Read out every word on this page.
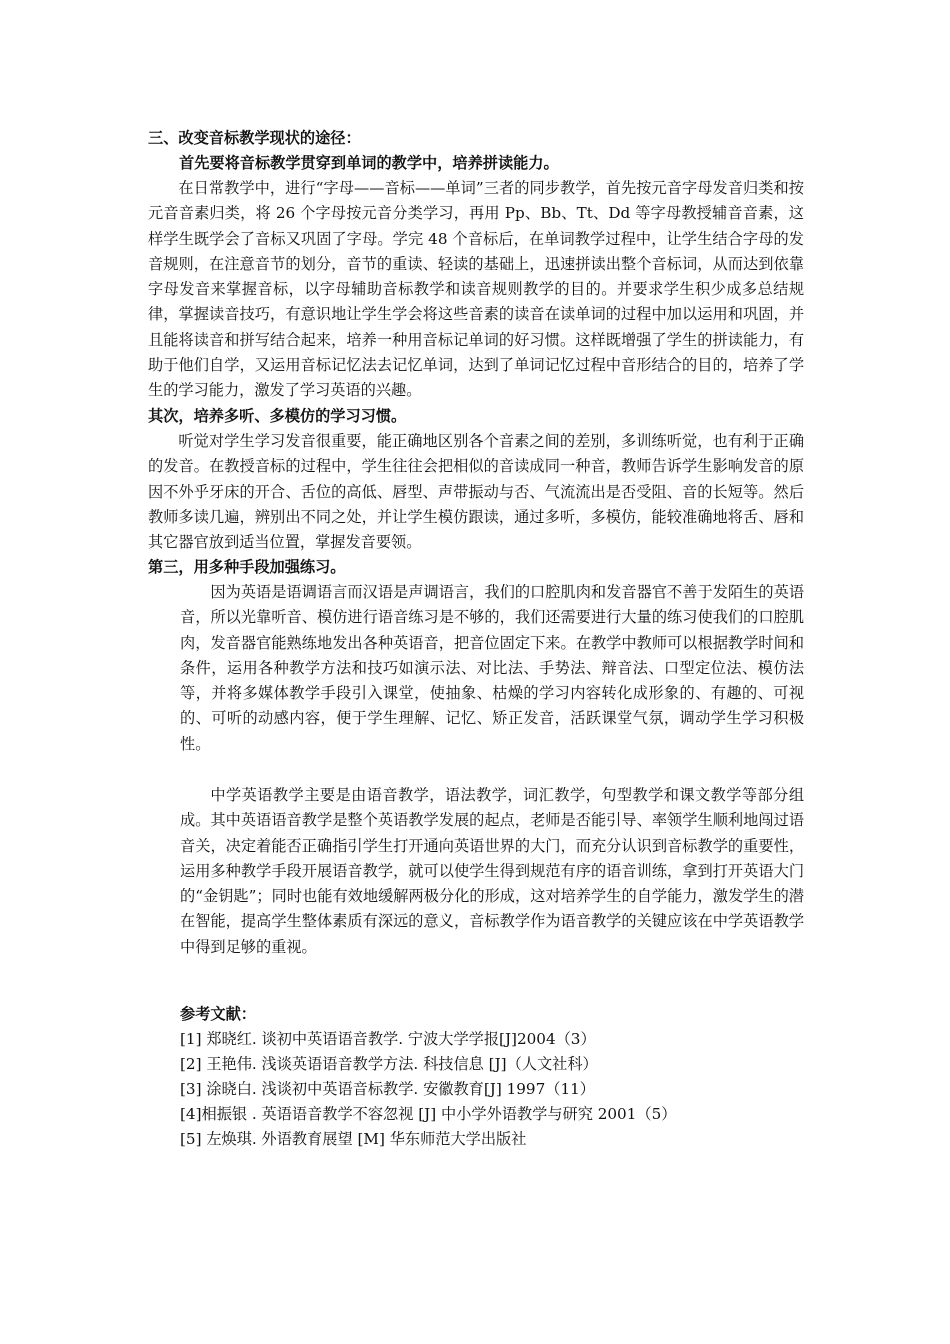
三、改变音标教学现状的途径：

首先要将音标教学贯穿到单词的教学中，培养拼读能力。

在日常教学中，进行“字母——音标——单词”三者的同步教学，首先按元音字母发音归类和按元音音素归类，将 26 个字母按元音分类学习，再用 Pp、Bb、Tt、Dd 等字母教授辅音音素，这样学生既学会了音标又巩固了字母。学完 48 个音标后，在单词教学过程中，让学生结合字母的发音规则，在注意音节的划分，音节的重读、轻读的基础上，迅速拼读出整个音标词，从而达到依靠字母发音来掌握音标，以字母辅助音标教学和读音规则教学的目的。并要求学生积少成多总结规律，掌握读音技巧，有意识地让学生学会将这些音素的读音在读单词的过程中加以运用和巩固，并且能将读音和拼写结合起来，培养一种用音标记单词的好习惯。这样既增强了学生的拼读能力，有助于他们自学，又运用音标记忆法去记忆单词，达到了单词记忆过程中音形结合的目的，培养了学生的学习能力，激发了学习英语的兴趣。

其次，培养多听、多模仿的学习习惯。

听觉对学生学习发音很重要，能正确地区别各个音素之间的差别，多训练听觉，也有利于正确的发音。在教授音标的过程中，学生往往会把相似的音读成同一种音，教师告诉学生影响发音的原因不外乎牙床的开合、舌位的高低、唇型、声带振动与否、气流流出是否受阻、音的长短等。然后教师多读几遍，辨别出不同之处，并让学生模仿跟读，通过多听，多模仿，能较准确地将舌、唇和其它器官放到适当位置，掌握发音要领。

第三，用多种手段加强练习。

因为英语是语调语言而汉语是声调语言，我们的口腔肌肉和发音器官不善于发陌生的英语音，所以光靠听音、模仿进行语音练习是不够的，我们还需要进行大量的练习使我们的口腔肌肉，发音器官能熟练地发出各种英语音，把音位固定下来。在教学中教师可以根据教学时间和条件，运用各种教学方法和技巧如演示法、对比法、手势法、辩音法、口型定位法、模仿法等，并将多媒体教学手段引入课堂，使抽象、枯燥的学习内容转化成形象的、有趣的、可视的、可听的动感内容，便于学生理解、记忆、矫正发音，活跃课堂气氛，调动学生学习积极性。

中学英语教学主要是由语音教学，语法教学，词汇教学，句型教学和课文教学等部分组成。其中英语语音教学是整个英语教学发展的起点，老师是否能引导、率领学生顺利地闯过语音关，决定着能否正确指引学生打开通向英语世界的大门，而充分认识到音标教学的重要性，运用多种教学手段开展语音教学，就可以使学生得到规范有序的语音训练，拿到打开英语大门的“金钥匙”；同时也能有效地缓解两极分化的形成，这对培养学生的自学能力，激发学生的潜在智能，提高学生整体素质有深远的意义，音标教学作为语音教学的关键应该在中学英语教学中得到足够的重视。

参考文献：

[1] 郑晓红. 谈初中英语语音教学. 宁波大学学报[J]2004（3）

[2] 王艳伟. 浅谈英语语音教学方法. 科技信息 [J]（人文社科）

[3] 涂晓白. 浅谈初中英语音标教学. 安徽教育[J] 1997（11）

[4]相振银 . 英语语音教学不容忽视 [J] 中小学外语教学与研究 2001（5）

[5] 左焕琪. 外语教育展望 [M] 华东师范大学出版社
